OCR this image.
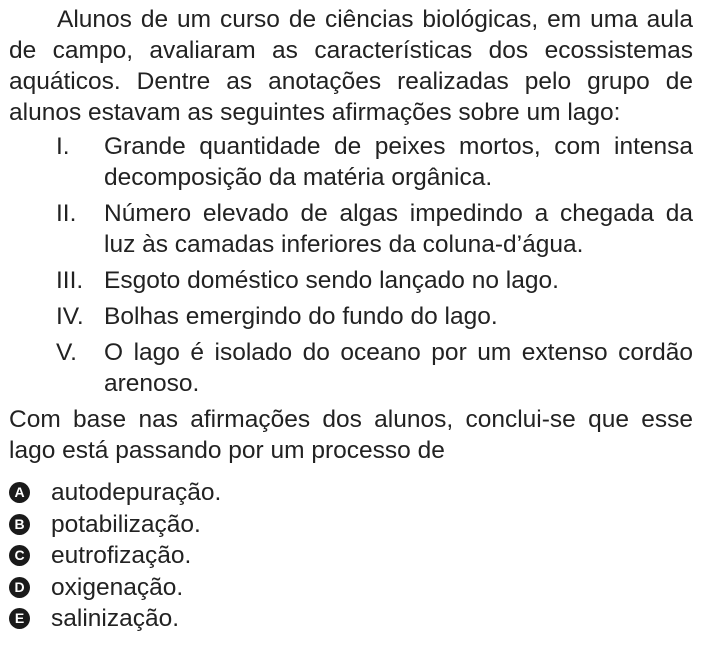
Alunos de um curso de ciências biológicas, em uma aula de campo, avaliaram as características dos ecossistemas aquáticos. Dentre as anotações realizadas pelo grupo de alunos estavam as seguintes afirmações sobre um lago:

I.	Grande quantidade de peixes mortos, com intensa decomposição da matéria orgânica.
II.	Número elevado de algas impedindo a chegada da luz às camadas inferiores da coluna-d’água.
III. Esgoto doméstico sendo lançado no lago.
IV. Bolhas emergindo do fundo do lago.
V.	O lago é isolado do oceano por um extenso cordão arenoso.

Com base nas afirmações dos alunos, conclui-se que esse lago está passando por um processo de

A autodepuração.
B potabilização.
C eutrofização.
D oxigenação.
E salinização.
